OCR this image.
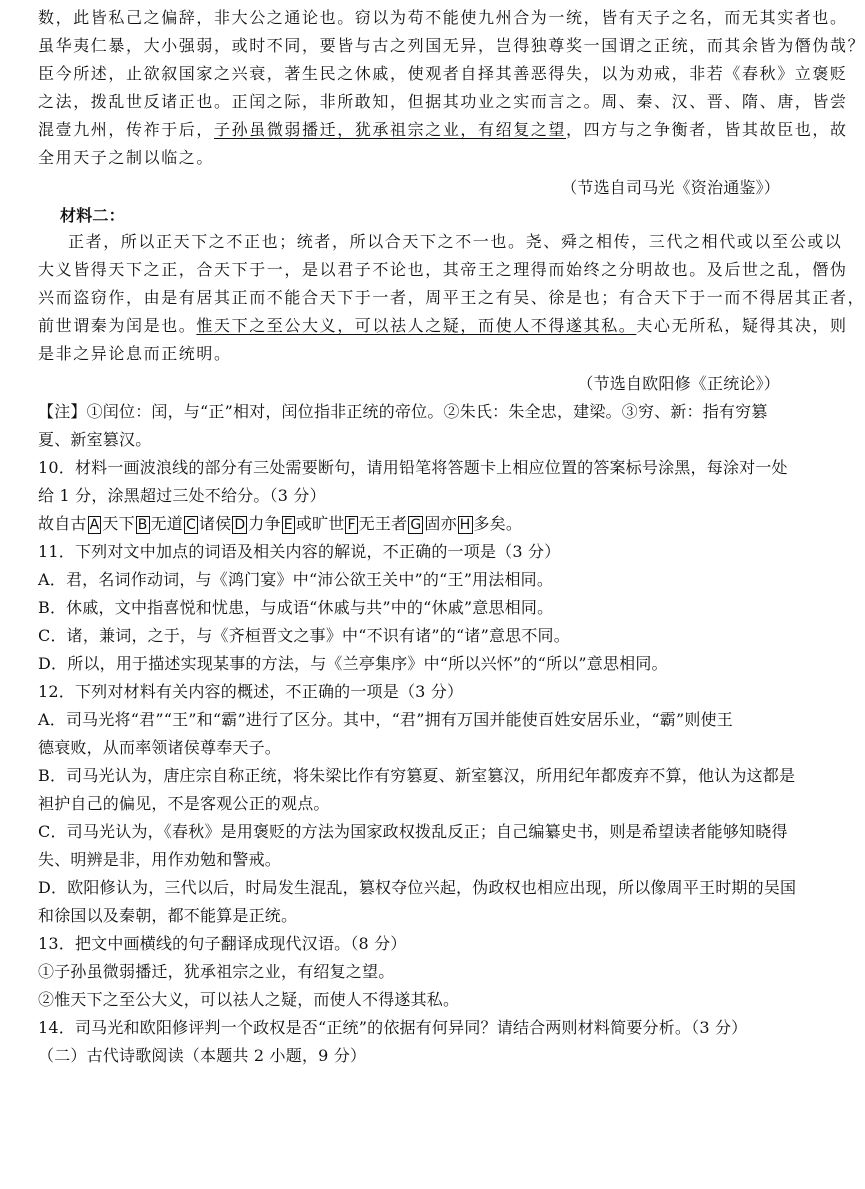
数，此皆私己之偏辞，非大公之通论也。窃以为苟不能使九州合为一统，皆有天子之名，而无其实者也。
虽华夷仁暴，大小强弱，或时不同，要皆与古之列国无异，岂得独尊奖一国谓之正统，而其余皆为僭伪哉？
臣今所述，止欲叙国家之兴衰，著生民之休戚，使观者自择其善恶得失，以为劝戒，非若《春秋》立褒贬
之法，拨乱世反诸正也。正闰之际，非所敢知，但据其功业之实而言之。周、秦、汉、晋、隋、唐，皆尝
混壹九州，传祚于后，子孙虽微弱播迁，犹承祖宗之业，有绍复之望，四方与之争衡者，皆其故臣也，故
全用天子之制以临之。
（节选自司马光《资治通鉴》）
材料二：
正者，所以正天下之不正也；统者，所以合天下之不一也。尧、舜之相传，三代之相代或以至公或以
大义皆得天下之正，合天下于一，是以君子不论也，其帝王之理得而始终之分明故也。及后世之乱，僭伪
兴而盗窃作，由是有居其正而不能合天下于一者，周平王之有吴、徐是也；有合天下于一而不得居其正者，
前世谓秦为闰是也。惟天下之至公大义，可以祛人之疑，而使人不得遂其私。夫心无所私，疑得其决，则
是非之异论息而正统明。
（节选自欧阳修《正统论》）
【注】①闰位：闰，与“正”相对，闰位指非正统的帝位。②朱氏：朱全忠，建梁。③穷、新：指有穷篡
夏、新室篡汉。
10．材料一画波浪线的部分有三处需要断句，请用铅笔将答题卡上相应位置的答案标号涂黑，每涂对一处
给 1 分，涂黑超过三处不给分。（3 分）
故自古 A 天下 B 无道 C 诸侯 D 力争 E 或旷世 F 无王者 G 固亦 H 多矣。
11．下列对文中加点的词语及相关内容的解说，不正确的一项是（3 分）
A．君，名词作动词，与《鸿门宴》中“沛公欲王关中”的“王”用法相同。
B．休戚，文中指喜悦和忧患，与成语“休戚与共”中的“休戚”意思相同。
C．诸，兼词，之于，与《齐桓晋文之事》中“不识有诸”的“诸”意思不同。
D．所以，用于描述实现某事的方法，与《兰亭集序》中“所以兴怀”的“所以”意思相同。
12．下列对材料有关内容的概述，不正确的一项是（3 分）
A．司马光将“君”“王”和“霸”进行了区分。其中，“君”拥有万国并能使百姓安居乐业，“霸”则使王
德衰败，从而率领诸侯尊奉天子。
B．司马光认为，唐庄宗自称正统，将朱梁比作有穷篡夏、新室篡汉，所用纪年都废弃不算，他认为这都是
袒护自己的偏见，不是客观公正的观点。
C．司马光认为，《春秋》是用褒贬的方法为国家政权拨乱反正；自己编纂史书，则是希望读者能够知晓得
失、明辨是非，用作劝勉和警戒。
D．欧阳修认为，三代以后，时局发生混乱，篡权夺位兴起，伪政权也相应出现，所以像周平王时期的吴国
和徐国以及秦朝，都不能算是正统。
13．把文中画横线的句子翻译成现代汉语。（8 分）
①子孙虽微弱播迁，犹承祖宗之业，有绍复之望。
②惟天下之至公大义，可以祛人之疑，而使人不得遂其私。
14．司马光和欧阳修评判一个政权是否“正统”的依据有何异同？请结合两则材料简要分析。（3 分）
（二）古代诗歌阅读（本题共 2 小题，9 分）
